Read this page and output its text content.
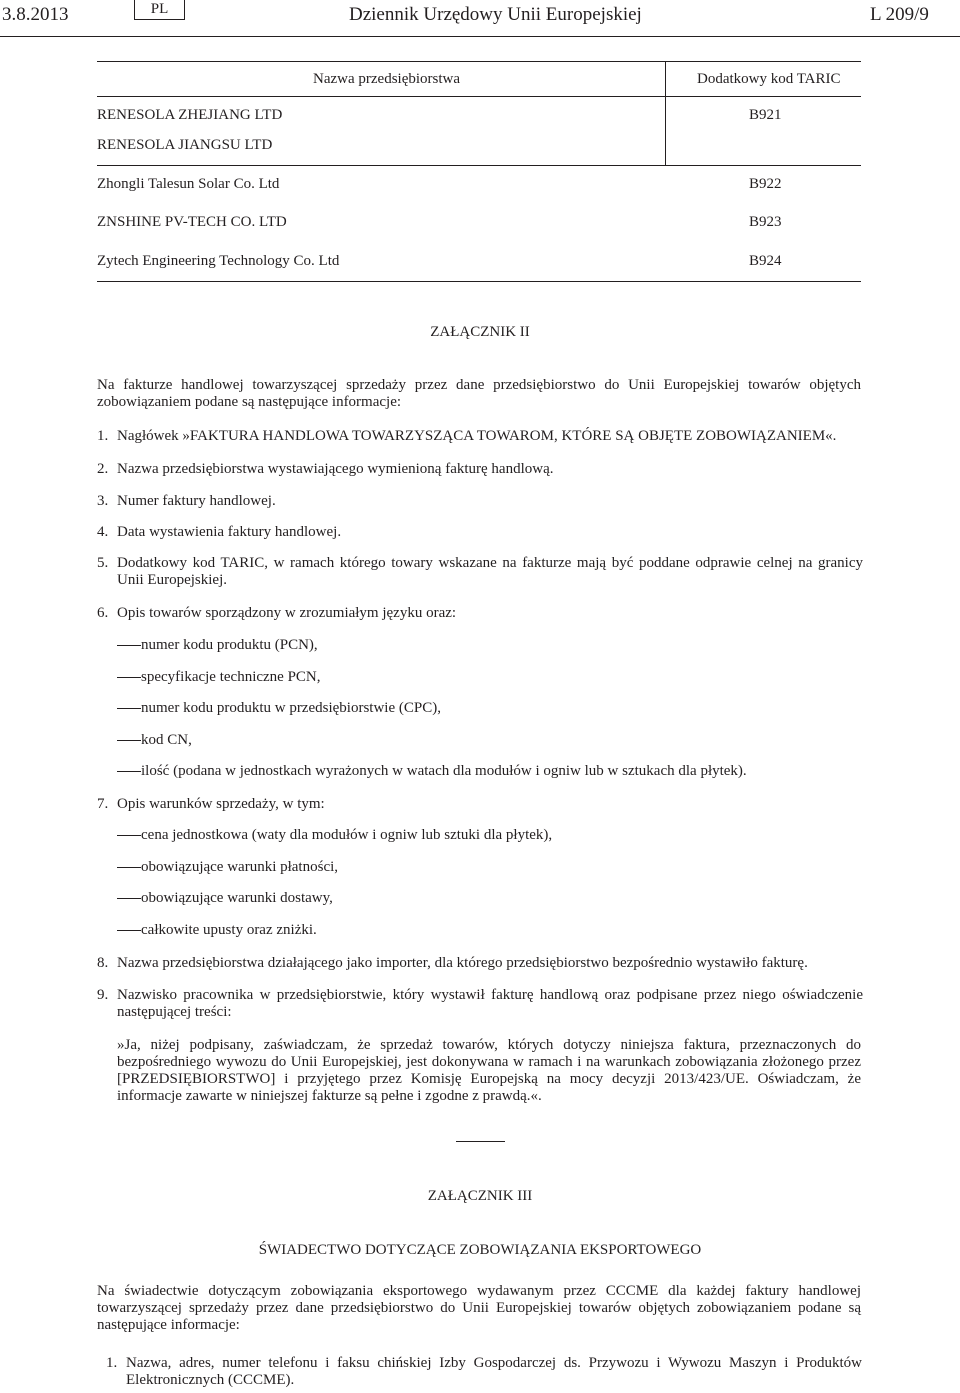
3.8.2013	PL	Dziennik Urzędowy Unii Europejskiej	L 209/9
Nazwa przedsiębiorstwa	Dodatkowy kod TARIC
RENESOLA ZHEJIANG LTD	B921
RENESOLA JIANGSU LTD
Zhongli Talesun Solar Co. Ltd	B922
ZNSHINE PV-TECH CO. LTD	B923
Zytech Engineering Technology Co. Ltd	B924
ZAŁĄCZNIK II
Na fakturze handlowej towarzyszącej sprzedaży przez dane przedsiębiorstwo do Unii Europejskiej towarów objętych zobowiązaniem podane są następujące informacje:
1. Nagłówek »FAKTURA HANDLOWA TOWARZYSZĄCA TOWAROM, KTÓRE SĄ OBJĘTE ZOBOWIĄZANIEM«.
2. Nazwa przedsiębiorstwa wystawiającego wymienioną fakturę handlową.
3. Numer faktury handlowej.
4. Data wystawienia faktury handlowej.
5. Dodatkowy kod TARIC, w ramach którego towary wskazane na fakturze mają być poddane odprawie celnej na granicy Unii Europejskiej.
6. Opis towarów sporządzony w zrozumiałym języku oraz:
numer kodu produktu (PCN),
specyfikacje techniczne PCN,
numer kodu produktu w przedsiębiorstwie (CPC),
kod CN,
ilość (podana w jednostkach wyrażonych w watach dla modułów i ogniw lub w sztukach dla płytek).
7. Opis warunków sprzedaży, w tym:
cena jednostkowa (waty dla modułów i ogniw lub sztuki dla płytek),
obowiązujące warunki płatności,
obowiązujące warunki dostawy,
całkowite upusty oraz zniżki.
8. Nazwa przedsiębiorstwa działającego jako importer, dla którego przedsiębiorstwo bezpośrednio wystawiło fakturę.
9. Nazwisko pracownika w przedsiębiorstwie, który wystawił fakturę handlową oraz podpisane przez niego oświadczenie następującej treści:
»Ja, niżej podpisany, zaświadczam, że sprzedaż towarów, których dotyczy niniejsza faktura, przeznaczonych do bezpośredniego wywozu do Unii Europejskiej, jest dokonywana w ramach i na warunkach zobowiązania złożonego przez [PRZEDSIĘBIORSTWO] i przyjętego przez Komisję Europejską na mocy decyzji 2013/423/UE. Oświadczam, że informacje zawarte w niniejszej fakturze są pełne i zgodne z prawdą.«.
ZAŁĄCZNIK III
ŚWIADECTWO DOTYCZĄCE ZOBOWIĄZANIA EKSPORTOWEGO
Na świadectwie dotyczącym zobowiązania eksportowego wydawanym przez CCCME dla każdej faktury handlowej towarzyszącej sprzedaży przez dane przedsiębiorstwo do Unii Europejskiej towarów objętych zobowiązaniem podane są następujące informacje:
1. Nazwa, adres, numer telefonu i faksu chińskiej Izby Gospodarczej ds. Przywozu i Wywozu Maszyn i Produktów Elektronicznych (CCCME).
